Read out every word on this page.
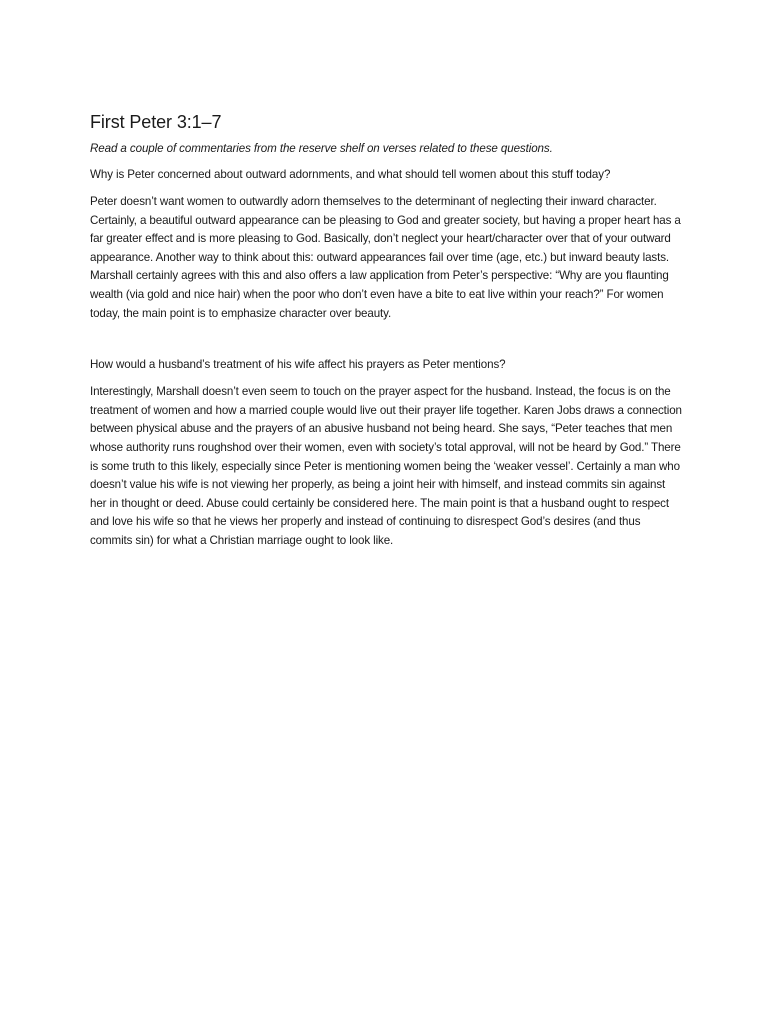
First Peter 3:1–7

Read a couple of commentaries from the reserve shelf on verses related to these questions.

Why is Peter concerned about outward adornments, and what should tell women about this stuff today?

Peter doesn’t want women to outwardly adorn themselves to the determinant of neglecting their inward character. Certainly, a beautiful outward appearance can be pleasing to God and greater society, but having a proper heart has a far greater effect and is more pleasing to God. Basically, don’t neglect your heart/character over that of your outward appearance. Another way to think about this: outward appearances fail over time (age, etc.) but inward beauty lasts. Marshall certainly agrees with this and also offers a law application from Peter’s perspective: “Why are you flaunting wealth (via gold and nice hair) when the poor who don’t even have a bite to eat live within your reach?” For women today, the main point is to emphasize character over beauty.

How would a husband’s treatment of his wife affect his prayers as Peter mentions?

Interestingly, Marshall doesn’t even seem to touch on the prayer aspect for the husband. Instead, the focus is on the treatment of women and how a married couple would live out their prayer life together. Karen Jobs draws a connection between physical abuse and the prayers of an abusive husband not being heard. She says, “Peter teaches that men whose authority runs roughshod over their women, even with society’s total approval, will not be heard by God.” There is some truth to this likely, especially since Peter is mentioning women being the ‘weaker vessel’. Certainly a man who doesn’t value his wife is not viewing her properly, as being a joint heir with himself, and instead commits sin against her in thought or deed. Abuse could certainly be considered here. The main point is that a husband ought to respect and love his wife so that he views her properly and instead of continuing to disrespect God’s desires (and thus commits sin) for what a Christian marriage ought to look like.
